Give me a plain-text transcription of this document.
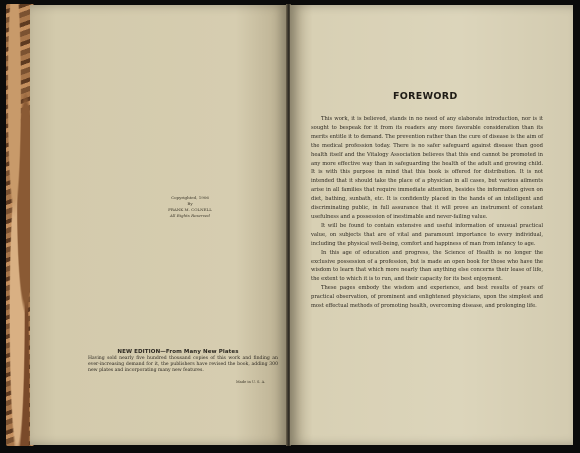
Copyrighted, 1906
By
FRANK M. COLNELL
All Rights Reserved
NEW EDITION—From Many New Plates
Having sold nearly five hundred thousand copies of this work and finding an ever-increasing demand for it, the publishers have revised the book, adding 300 new plates and incorporating many new features.
Made in U. S. A.
FOREWORD

This work, it is believed, stands in no need of any elaborate introduction, nor is it sought to bespeak for it from its readers any more favorable consideration than its merits entitle it to demand. The prevention rather than the cure of disease is the aim of the medical profession today. There is no safer safeguard against disease than good health itself and the Vitalogy Association believes that this end cannot be promoted in any more effective way than in safeguarding the health of the adult and growing child. It is with this purpose in mind that this book is offered for distribution. It is not intended that it should take the place of a physician in all cases, but various ailments arise in all families that require immediate attention, besides the information given on diet, bathing, sunbath, etc. It is confidently placed in the hands of an intelligent and discriminating public, in full assurance that it will prove an instrument of constant usefulness and a possession of inestimable and never-failing value.

It will be found to contain extensive and useful information of unusual practical value, on subjects that are of vital and paramount importance to every individual, including the physical well-being, comfort and happiness of man from infancy to age.

In this age of education and progress, the Science of Health is no longer the exclusive possession of a profession, but is made an open book for those who have the wisdom to learn that which more nearly than anything else concerns their lease of life, the extent to which it is to run, and their capacity for its best enjoyment.

These pages embody the wisdom and experience, and best results of years of practical observation, of prominent and enlightened physicians, upon the simplest and most effectual methods of promoting health, overcoming disease, and prolonging life.
